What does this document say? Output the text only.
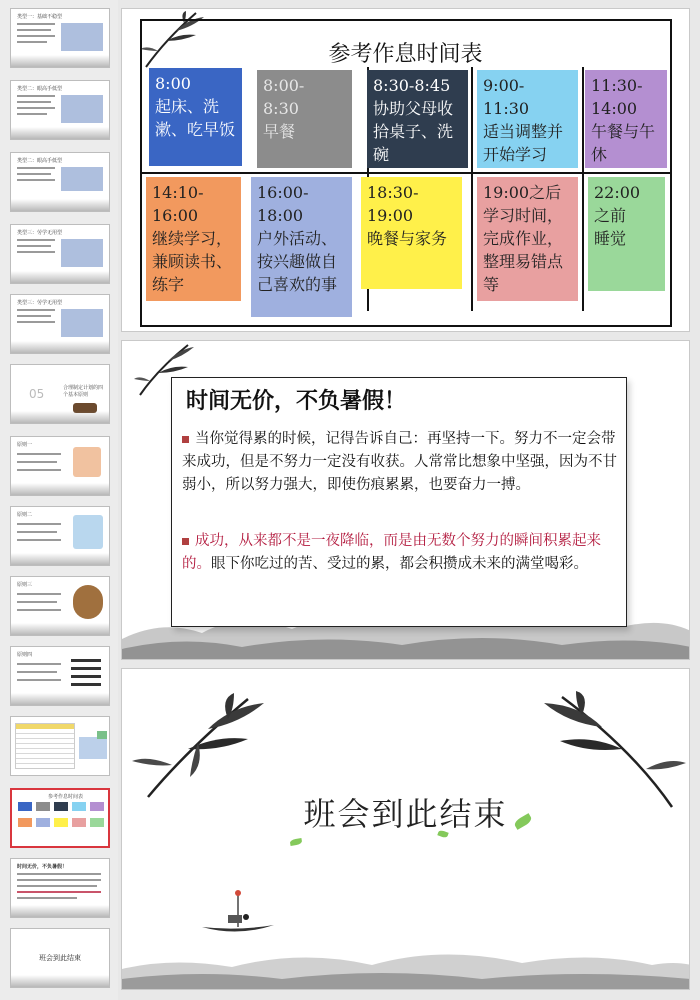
类型一：基础不稳型
类型二：眼高手低型
类型二：眼高手低型
类型三：劳学无用型
类型三：劳学无用型
05	合理制定计划的四个基本原则
原则一
原则二
原则三
原则四
参考作息时间表
时间无价，不负暑假！
班会到此结束
参考作息时间表
8:00
起床、洗漱、吃早饭
8:00-
8:30
早餐
8:30-8:45
协助父母收拾桌子、洗碗
9:00-
11:30
适当调整并开始学习
11:30-
14:00
午餐与午休
14:10-
16:00
继续学习，兼顾读书、练字
16:00-
18:00
户外活动、按兴趣做自己喜欢的事
18:30-
19:00
晚餐与家务
19:00之后学习时间，完成作业，整理易错点等
22:00
之前
睡觉
时间无价，不负暑假！
当你觉得累的时候，记得告诉自己：再坚持一下。努力不一定会带来成功，但是不努力一定没有收获。人常常比想象中坚强，因为不甘弱小，所以努力强大，即使伤痕累累，也要奋力一搏。
成功，从来都不是一夜降临，而是由无数个努力的瞬间积累起来的。眼下你吃过的苦、受过的累，都会积攒成未来的满堂喝彩。
班会到此结束
